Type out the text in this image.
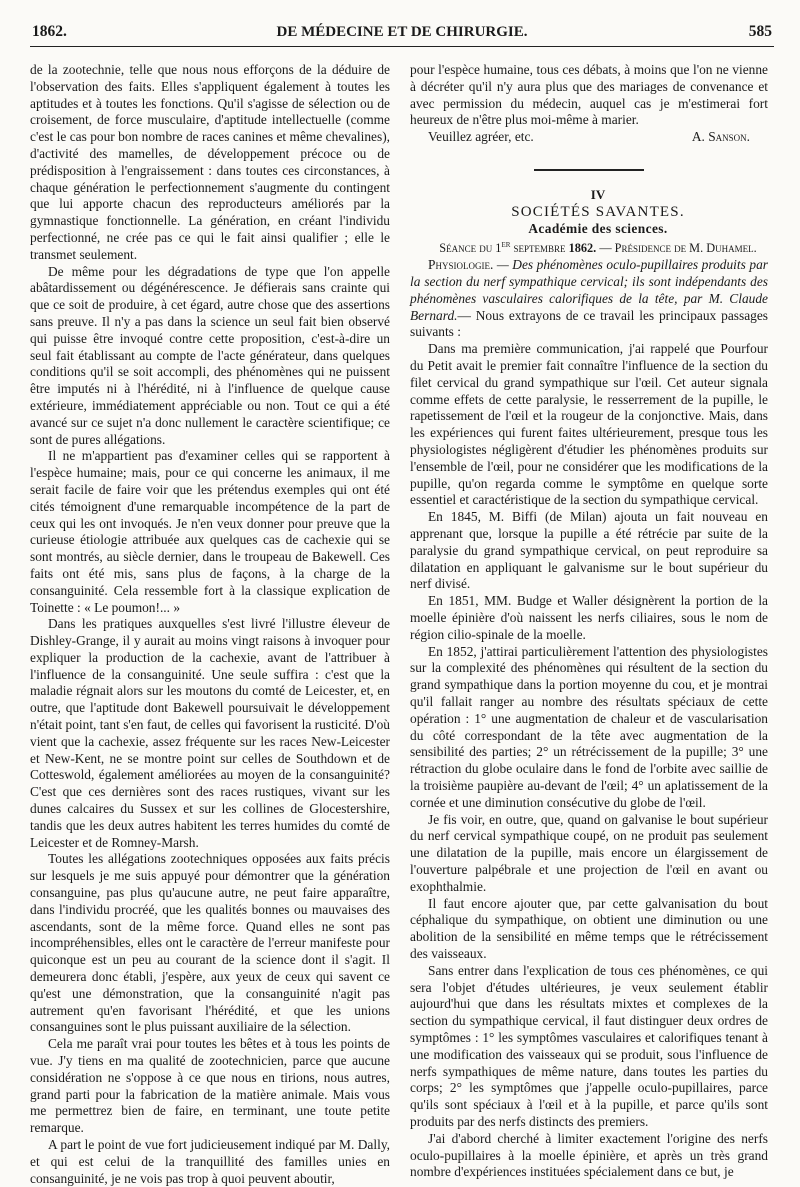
1862.	DE MÉDECINE ET DE CHIRURGIE.	585

de la zootechnie, telle que nous nous efforçons de la déduire de l'observation des faits. Elles s'appliquent également à toutes les aptitudes et à toutes les fonctions. Qu'il s'agisse de sélection ou de croisement, de force musculaire, d'aptitude intellectuelle (comme c'est le cas pour bon nombre de races canines et même chevalines), d'activité des mamelles, de développement précoce ou de prédisposition à l'engraissement : dans toutes ces circonstances, à chaque génération le perfectionnement s'augmente du contingent que lui apporte chacun des reproducteurs améliorés par la gymnastique fonctionnelle. La génération, en créant l'individu perfectionné, ne crée pas ce qui le fait ainsi qualifier ; elle le transmet seulement.

De même pour les dégradations de type que l'on appelle abâtardissement ou dégénérescence. Je défierais sans crainte qui que ce soit de produire, à cet égard, autre chose que des assertions sans preuve. Il n'y a pas dans la science un seul fait bien observé qui puisse être invoqué contre cette proposition, c'est-à-dire un seul fait établissant au compte de l'acte générateur, dans quelques conditions qu'il se soit accompli, des phénomènes qui ne puissent être imputés ni à l'hérédité, ni à l'influence de quelque cause extérieure, immédiatement appréciable ou non. Tout ce qui a été avancé sur ce sujet n'a donc nullement le caractère scientifique; ce sont de pures allégations.

Il ne m'appartient pas d'examiner celles qui se rapportent à l'espèce humaine; mais, pour ce qui concerne les animaux, il me serait facile de faire voir que les prétendus exemples qui ont été cités témoignent d'une remarquable incompétence de la part de ceux qui les ont invoqués. Je n'en veux donner pour preuve que la curieuse étiologie attribuée aux quelques cas de cachexie qui se sont montrés, au siècle dernier, dans le troupeau de Bakewell. Ces faits ont été mis, sans plus de façons, à la charge de la consanguinité. Cela ressemble fort à la classique explication de Toinette : « Le poumon!... »

Dans les pratiques auxquelles s'est livré l'illustre éleveur de Dishley-Grange, il y aurait au moins vingt raisons à invoquer pour expliquer la production de la cachexie, avant de l'attribuer à l'influence de la consanguinité. Une seule suffira : c'est que la maladie régnait alors sur les moutons du comté de Leicester, et, en outre, que l'aptitude dont Bakewell poursuivait le développement n'était point, tant s'en faut, de celles qui favorisent la rusticité. D'où vient que la cachexie, assez fréquente sur les races New-Leicester et New-Kent, ne se montre point sur celles de Southdown et de Cotteswold, également améliorées au moyen de la consanguinité? C'est que ces dernières sont des races rustiques, vivant sur les dunes calcaires du Sussex et sur les collines de Glocestershire, tandis que les deux autres habitent les terres humides du comté de Leicester et de Romney-Marsh.

Toutes les allégations zootechniques opposées aux faits précis sur lesquels je me suis appuyé pour démontrer que la génération consanguine, pas plus qu'aucune autre, ne peut faire apparaître, dans l'individu procréé, que les qualités bonnes ou mauvaises des ascendants, sont de la même force. Quand elles ne sont pas incompréhensibles, elles ont le caractère de l'erreur manifeste pour quiconque est un peu au courant de la science dont il s'agit. Il demeurera donc établi, j'espère, aux yeux de ceux qui savent ce qu'est une démonstration, que la consanguinité n'agit pas autrement qu'en favorisant l'hérédité, et que les unions consanguines sont le plus puissant auxiliaire de la sélection.

Cela me paraît vrai pour toutes les bêtes et à tous les points de vue. J'y tiens en ma qualité de zootechnicien, parce que aucune considération ne s'oppose à ce que nous en tirions, nous autres, grand parti pour la fabrication de la matière animale. Mais vous me permettrez bien de faire, en terminant, une toute petite remarque.

A part le point de vue fort judicieusement indiqué par M. Dally, et qui est celui de la tranquillité des familles unies en consanguinité, je ne vois pas trop à quoi peuvent aboutir,

pour l'espèce humaine, tous ces débats, à moins que l'on ne vienne à décréter qu'il n'y aura plus que des mariages de convenance et avec permission du médecin, auquel cas je m'estimerai fort heureux de n'être plus moi-même à marier.

Veuillez agréer, etc.	A. Sanson.

IV

SOCIÉTÉS SAVANTES.

Académie des sciences.

Séance du 1er septembre 1862. — Présidence de M. Duhamel.

Physiologie. — Des phénomènes oculo-pupillaires produits par la section du nerf sympathique cervical; ils sont indépendants des phénomènes vasculaires calorifiques de la tête, par M. Claude Bernard.— Nous extrayons de ce travail les principaux passages suivants :

Dans ma première communication, j'ai rappelé que Pourfour du Petit avait le premier fait connaître l'influence de la section du filet cervical du grand sympathique sur l'œil. Cet auteur signala comme effets de cette paralysie, le resserrement de la pupille, le rapetissement de l'œil et la rougeur de la conjonctive. Mais, dans les expériences qui furent faites ultérieurement, presque tous les physiologistes négligèrent d'étudier les phénomènes produits sur l'ensemble de l'œil, pour ne considérer que les modifications de la pupille, qu'on regarda comme le symptôme en quelque sorte essentiel et caractéristique de la section du sympathique cervical.

En 1845, M. Biffi (de Milan) ajouta un fait nouveau en apprenant que, lorsque la pupille a été rétrécie par suite de la paralysie du grand sympathique cervical, on peut reproduire sa dilatation en appliquant le galvanisme sur le bout supérieur du nerf divisé.

En 1851, MM. Budge et Waller désignèrent la portion de la moelle épinière d'où naissent les nerfs ciliaires, sous le nom de région cilio-spinale de la moelle.

En 1852, j'attirai particulièrement l'attention des physiologistes sur la complexité des phénomènes qui résultent de la section du grand sympathique dans la portion moyenne du cou, et je montrai qu'il fallait ranger au nombre des résultats spéciaux de cette opération : 1° une augmentation de chaleur et de vascularisation du côté correspondant de la tête avec augmentation de la sensibilité des parties; 2° un rétrécissement de la pupille; 3° une rétraction du globe oculaire dans le fond de l'orbite avec saillie de la troisième paupière au-devant de l'œil; 4° un aplatissement de la cornée et une diminution consécutive du globe de l'œil.

Je fis voir, en outre, que, quand on galvanise le bout supérieur du nerf cervical sympathique coupé, on ne produit pas seulement une dilatation de la pupille, mais encore un élargissement de l'ouverture palpébrale et une projection de l'œil en avant ou exophthalmie.

Il faut encore ajouter que, par cette galvanisation du bout céphalique du sympathique, on obtient une diminution ou une abolition de la sensibilité en même temps que le rétrécissement des vaisseaux.

Sans entrer dans l'explication de tous ces phénomènes, ce qui sera l'objet d'études ultérieures, je veux seulement établir aujourd'hui que dans les résultats mixtes et complexes de la section du sympathique cervical, il faut distinguer deux ordres de symptômes : 1° les symptômes vasculaires et calorifiques tenant à une modification des vaisseaux qui se produit, sous l'influence de nerfs sympathiques de même nature, dans toutes les parties du corps; 2° les symptômes que j'appelle oculo-pupillaires, parce qu'ils sont spéciaux à l'œil et à la pupille, et parce qu'ils sont produits par des nerfs distincts des premiers.

J'ai d'abord cherché à limiter exactement l'origine des nerfs oculo-pupillaires à la moelle épinière, et après un très grand nombre d'expériences instituées spécialement dans ce but, je
